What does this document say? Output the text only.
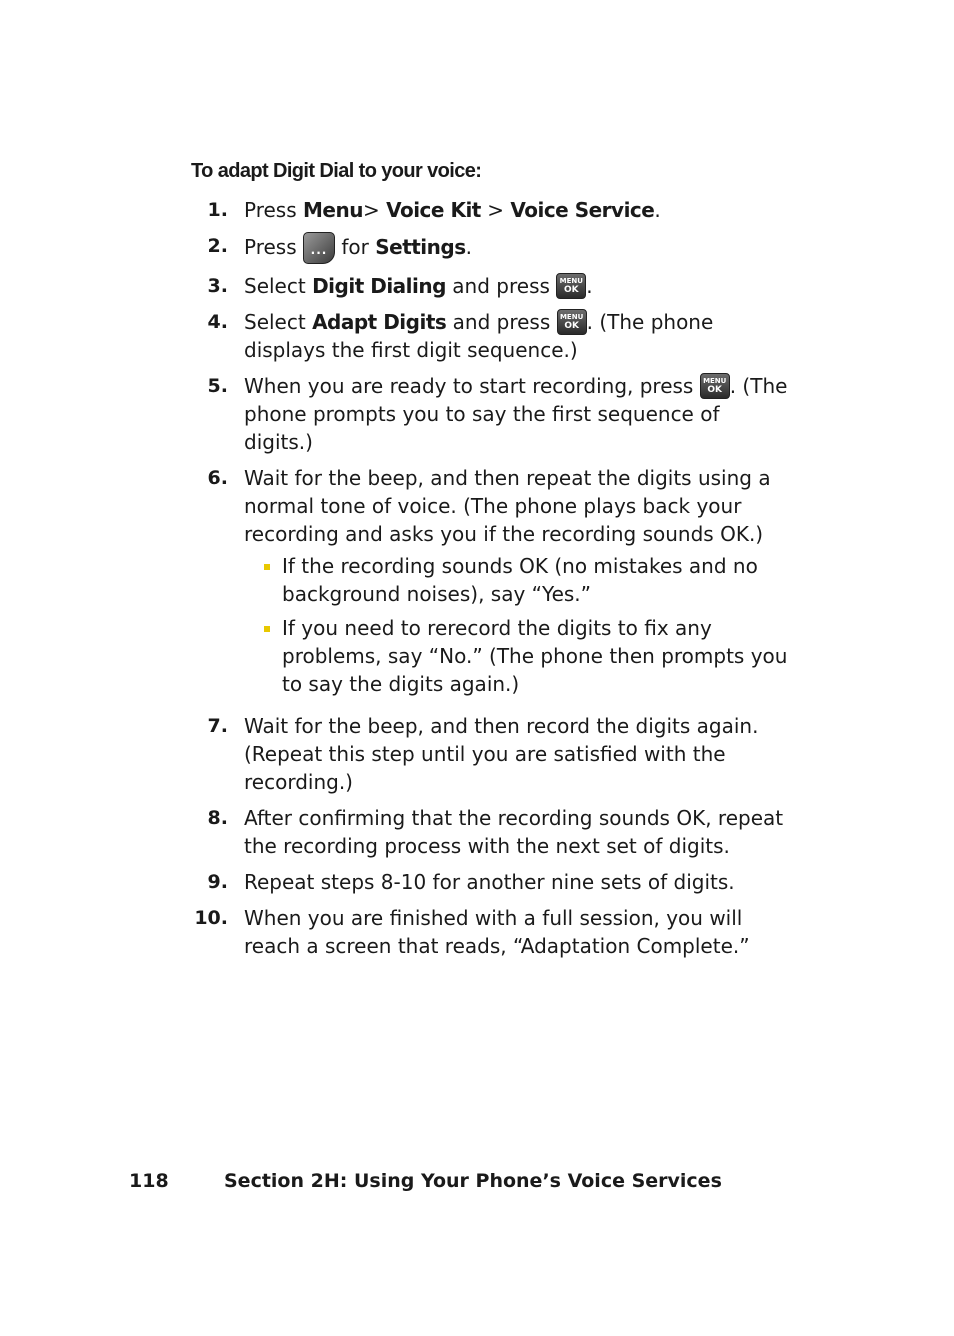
To adapt Digit Dial to your voice:
1. Press Menu> Voice Kit > Voice Service.
2. Press ··· for Settings.
3. Select Digit Dialing and press MENU
OK .
4. Select Adapt Digits and press MENU
OK . (The phone displays the first digit sequence.)
5. When you are ready to start recording, press MENU
OK . (The phone prompts you to say the first sequence of digits.)
6. Wait for the beep, and then repeat the digits using a normal tone of voice. (The phone plays back your recording and asks you if the recording sounds OK.)
If the recording sounds OK (no mistakes and no background noises), say “Yes.”
If you need to rerecord the digits to fix any problems, say “No.” (The phone then prompts you to say the digits again.)
7. Wait for the beep, and then record the digits again. (Repeat this step until you are satisfied with the recording.)
8. After confirming that the recording sounds OK, repeat the recording process with the next set of digits.
9. Repeat steps 8-10 for another nine sets of digits.
10. When you are finished with a full session, you will reach a screen that reads, “Adaptation Complete.”
118	Section 2H: Using Your Phone’s Voice Services
